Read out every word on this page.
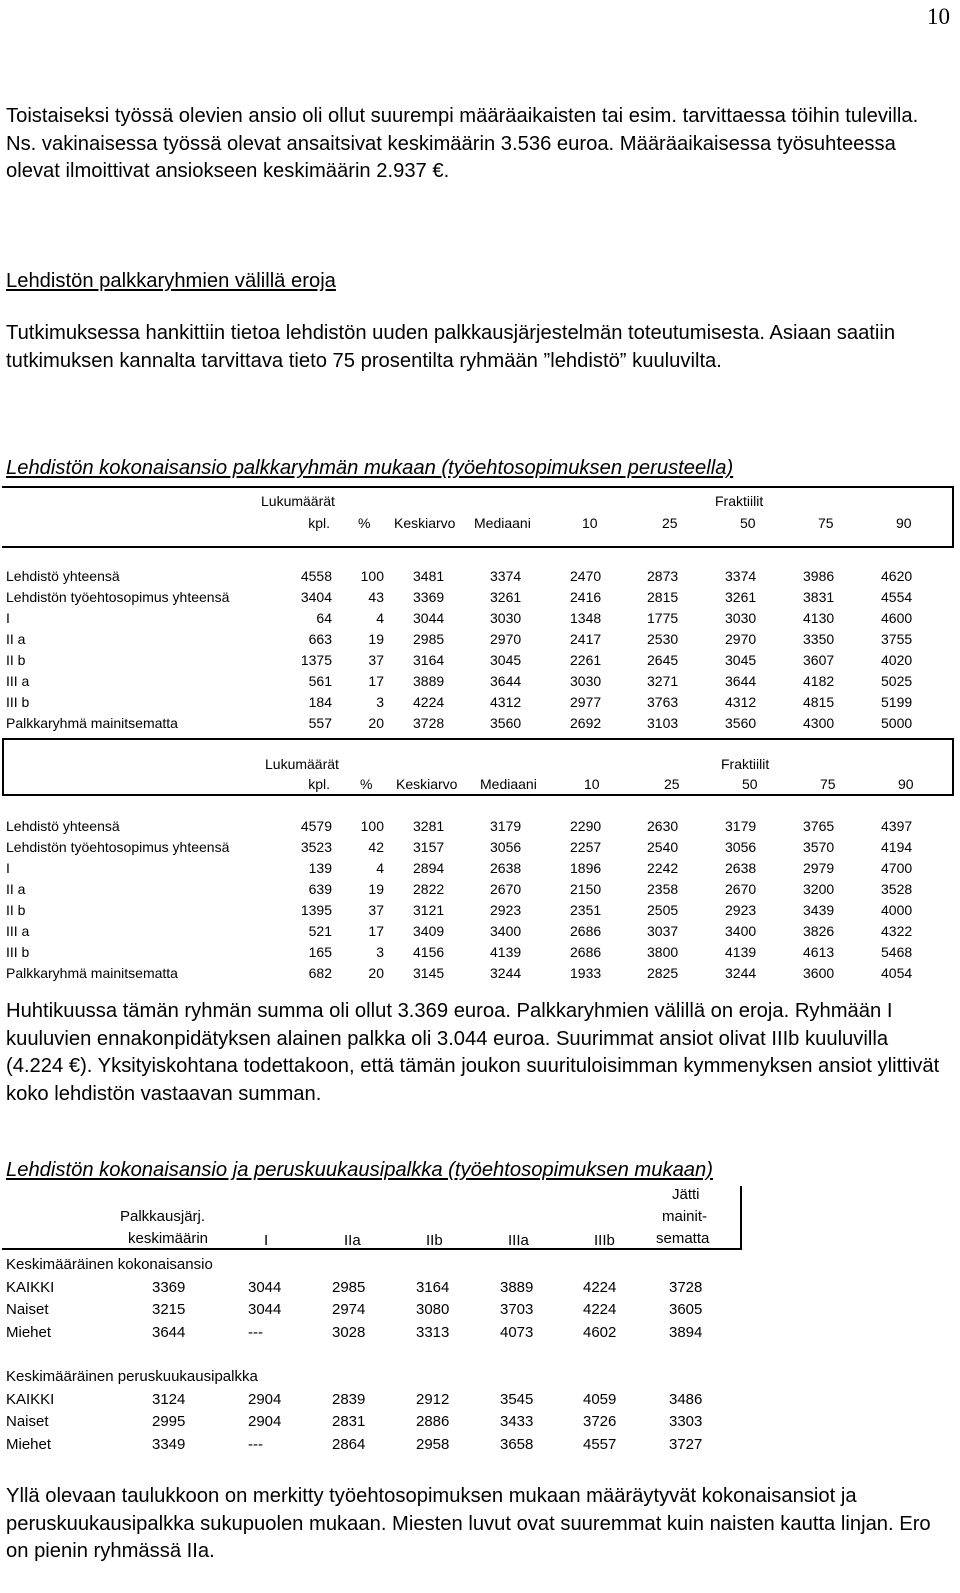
10
Toistaiseksi työssä olevien ansio oli ollut suurempi määräaikaisten tai esim. tarvittaessa töihin tulevilla. Ns. vakinaisessa työssä olevat ansaitsivat keskimäärin 3.536 euroa. Määräaikaisessa työsuhteessa olevat ilmoittivat ansiokseen keskimäärin 2.937 €.
Lehdistön palkkaryhmien välillä eroja
Tutkimuksessa hankittiin tietoa lehdistön uuden palkkausjärjestelmän toteutumisesta. Asiaan saatiin tutkimuksen kannalta tarvittava tieto 75 prosentilta ryhmään ”lehdistö” kuuluvilta.
Lehdistön kokonaisansio palkkaryhmän mukaan (työehtosopimuksen perusteella)
Lukumäärät	Fraktiilit
kpl. % Keskiarvo Mediaani	10	25	50	75	90
Lehdistö yhteensä	4558 100 3481	3374	2470	2873	3374	3986	4620
Lehdistön työehtosopimus yhteensä	3404	43 3369	3261	2416	2815	3261	3831	4554
I	64	4 3044	3030	1348	1775	3030	4130	4600
II a	663	19 2985	2970	2417	2530	2970	3350	3755
II b	1375	37 3164	3045	2261	2645	3045	3607	4020
III a	561	17 3889	3644	3030	3271	3644	4182	5025
III b	184	3 4224	4312	2977	3763	4312	4815	5199
Palkkaryhmä mainitsematta	557	20 3728	3560	2692	3103	3560	4300	5000
Lukumäärät	Fraktiilit
kpl. % Keskiarvo Mediaani	10	25	50	75	90
Lehdistö yhteensä	4579 100 3281	3179	2290	2630	3179	3765	4397
Lehdistön työehtosopimus yhteensä	3523	42 3157	3056	2257	2540	3056	3570	4194
I	139	4 2894	2638	1896	2242	2638	2979	4700
II a	639	19 2822	2670	2150	2358	2670	3200	3528
II b	1395	37 3121	2923	2351	2505	2923	3439	4000
III a	521	17 3409	3400	2686	3037	3400	3826	4322
III b	165	3 4156	4139	2686	3800	4139	4613	5468
Palkkaryhmä mainitsematta	682	20 3145	3244	1933	2825	3244	3600	4054
Huhtikuussa tämän ryhmän summa oli ollut 3.369 euroa. Palkkaryhmien välillä on eroja. Ryhmään I kuuluvien ennakonpidätyksen alainen palkka oli 3.044 euroa. Suurimmat ansiot olivat IIIb kuuluvilla (4.224 €). Yksityiskohtana todettakoon, että tämän joukon suurituloisimman kymmenyksen ansiot ylittivät koko lehdistön vastaavan summan.
Lehdistön kokonaisansio ja peruskuukausipalkka (työehtosopimuksen mukaan)
Palkkausjärj.
keskimäärin	I	IIa	IIb	IIIa	IIIb
Jätti
mainit-
sematta
Keskimääräinen kokonaisansio
KAIKKI	3369	3044	2985	3164	3889	4224	3728
Naiset	3215	3044	2974	3080	3703	4224	3605
Miehet	3644	---	3028	3313	4073	4602	3894
Keskimääräinen peruskuukausipalkka
KAIKKI	3124	2904	2839	2912	3545	4059	3486
Naiset	2995	2904	2831	2886	3433	3726	3303
Miehet	3349	---	2864	2958	3658	4557	3727
Yllä olevaan taulukkoon on merkitty työehtosopimuksen mukaan määräytyvät kokonaisansiot ja peruskuukausipalkka sukupuolen mukaan. Miesten luvut ovat suuremmat kuin naisten kautta linjan. Ero on pienin ryhmässä IIa.
